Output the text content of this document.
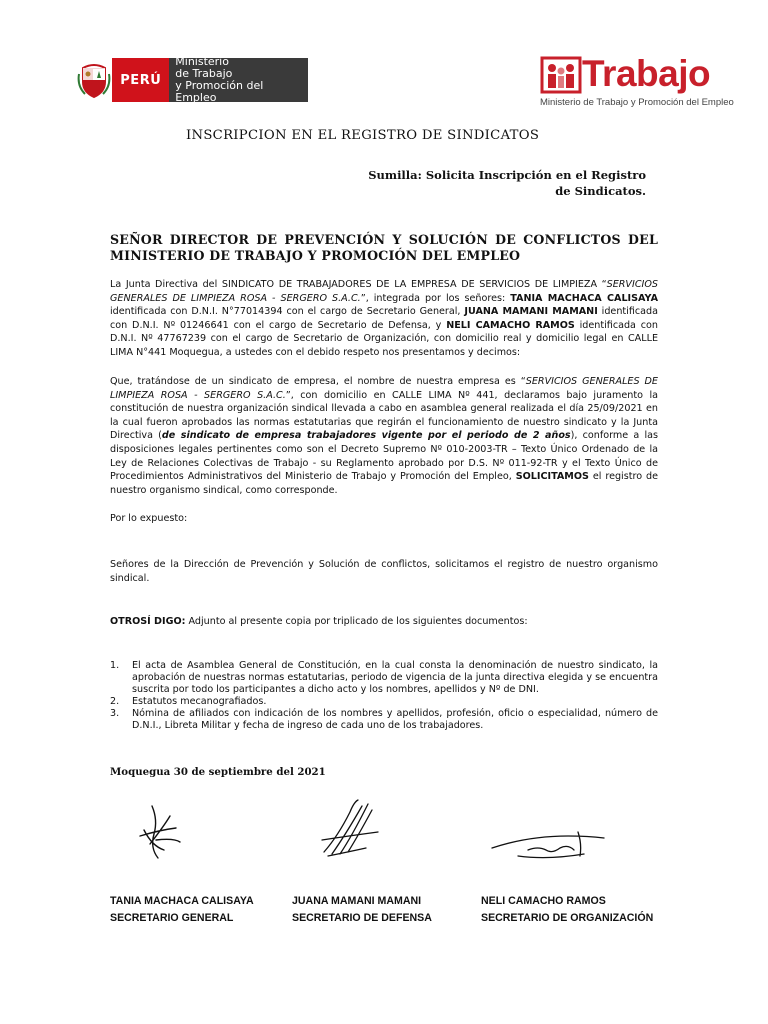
PERÚ
Ministerio
de Trabajo
y Promoción del Empleo
Trabajo
Ministerio de Trabajo y Promoción del Empleo
INSCRIPCION EN EL REGISTRO DE SINDICATOS
Sumilla: Solicita Inscripción en el Registro de Sindicatos.
SEÑOR DIRECTOR DE PREVENCIÓN Y SOLUCIÓN DE CONFLICTOS DEL MINISTERIO DE TRABAJO Y PROMOCIÓN DEL EMPLEO
La Junta Directiva del SINDICATO DE TRABAJADORES DE LA EMPRESA DE SERVICIOS DE LIMPIEZA “SERVICIOS GENERALES DE LIMPIEZA ROSA - SERGERO S.A.C.”, integrada por los señores: TANIA MACHACA CALISAYA identificada con D.N.I. N°77014394 con el cargo de Secretario General, JUANA MAMANI MAMANI identificada con D.N.I. Nº 01246641 con el cargo de Secretario de Defensa, y NELI CAMACHO RAMOS identificada con D.N.I. Nº 47767239 con el cargo de Secretario de Organización, con domicilio real y domicilio legal en CALLE LIMA N°441 Moquegua, a ustedes con el debido respeto nos presentamos y decimos:
Que, tratándose de un sindicato de empresa, el nombre de nuestra empresa es “SERVICIOS GENERALES DE LIMPIEZA ROSA - SERGERO S.A.C.”, con domicilio en CALLE LIMA Nº 441, declaramos bajo juramento la constitución de nuestra organización sindical llevada a cabo en asamblea general realizada el día 25/09/2021 en la cual fueron aprobados las normas estatutarias que regirán el funcionamiento de nuestro sindicato y la Junta Directiva (de sindicato de empresa trabajadores vigente por el periodo de 2 años), conforme a las disposiciones legales pertinentes como son el Decreto Supremo Nº 010-2003-TR – Texto Único Ordenado de la Ley de Relaciones Colectivas de Trabajo - su Reglamento aprobado por D.S. Nº 011-92-TR y el Texto Único de Procedimientos Administrativos del Ministerio de Trabajo y Promoción del Empleo, SOLICITAMOS el registro de nuestro organismo sindical, como corresponde.
Por lo expuesto:
Señores de la Dirección de Prevención y Solución de conflictos, solicitamos el registro de nuestro organismo sindical.
OTROSÍ DIGO: Adjunto al presente copia por triplicado de los siguientes documentos:
1. El acta de Asamblea General de Constitución, en la cual consta la denominación de nuestro sindicato, la aprobación de nuestras normas estatutarias, periodo de vigencia de la junta directiva elegida y se encuentra suscrita por todo los participantes a dicho acto y los nombres, apellidos y Nº de DNI.
2. Estatutos mecanografiados.
3. Nómina de afiliados con indicación de los nombres y apellidos, profesión, oficio o especialidad, número de D.N.I., Libreta Militar y fecha de ingreso de cada uno de los trabajadores.
Moquegua 30 de septiembre del 2021
TANIA MACHACA CALISAYA
SECRETARIO GENERAL
JUANA MAMANI MAMANI
SECRETARIO DE DEFENSA
NELI CAMACHO RAMOS
SECRETARIO DE ORGANIZACIÓN
